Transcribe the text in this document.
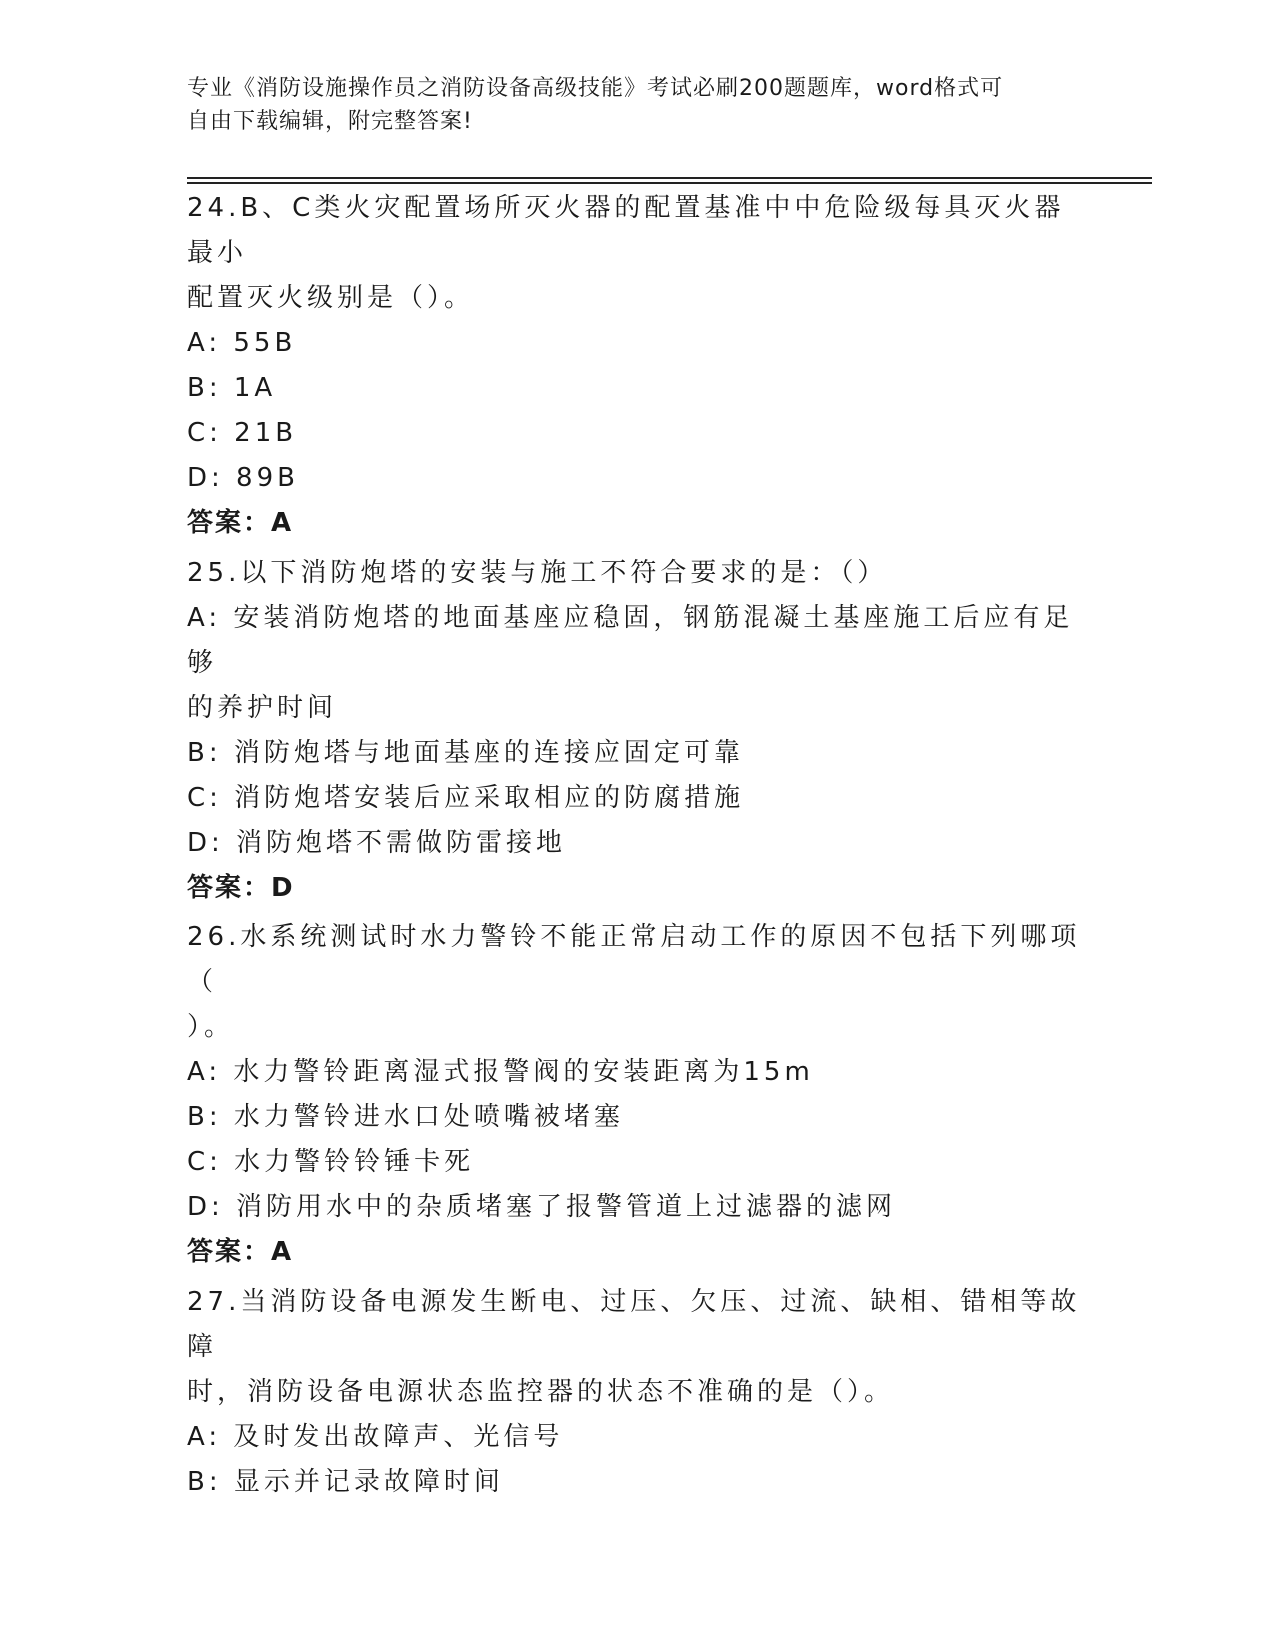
专业《消防设施操作员之消防设备高级技能》考试必刷200题题库，word格式可
自由下载编辑，附完整答案!

24.B、C类火灾配置场所灭火器的配置基准中中危险级每具灭火器最小

配置灭火级别是（）。

A: 55B

B: 1A

C: 21B

D: 89B

答案：A

25.以下消防炮塔的安装与施工不符合要求的是：（）

A: 安装消防炮塔的地面基座应稳固，钢筋混凝土基座施工后应有足够

的养护时间

B: 消防炮塔与地面基座的连接应固定可靠

C: 消防炮塔安装后应采取相应的防腐措施

D: 消防炮塔不需做防雷接地

答案：D

26.水系统测试时水力警铃不能正常启动工作的原因不包括下列哪项（

）。

A: 水力警铃距离湿式报警阀的安装距离为15m

B: 水力警铃进水口处喷嘴被堵塞

C: 水力警铃铃锤卡死

D: 消防用水中的杂质堵塞了报警管道上过滤器的滤网

答案：A

27.当消防设备电源发生断电、过压、欠压、过流、缺相、错相等故障

时，消防设备电源状态监控器的状态不准确的是（）。

A: 及时发出故障声、光信号

B: 显示并记录故障时间
